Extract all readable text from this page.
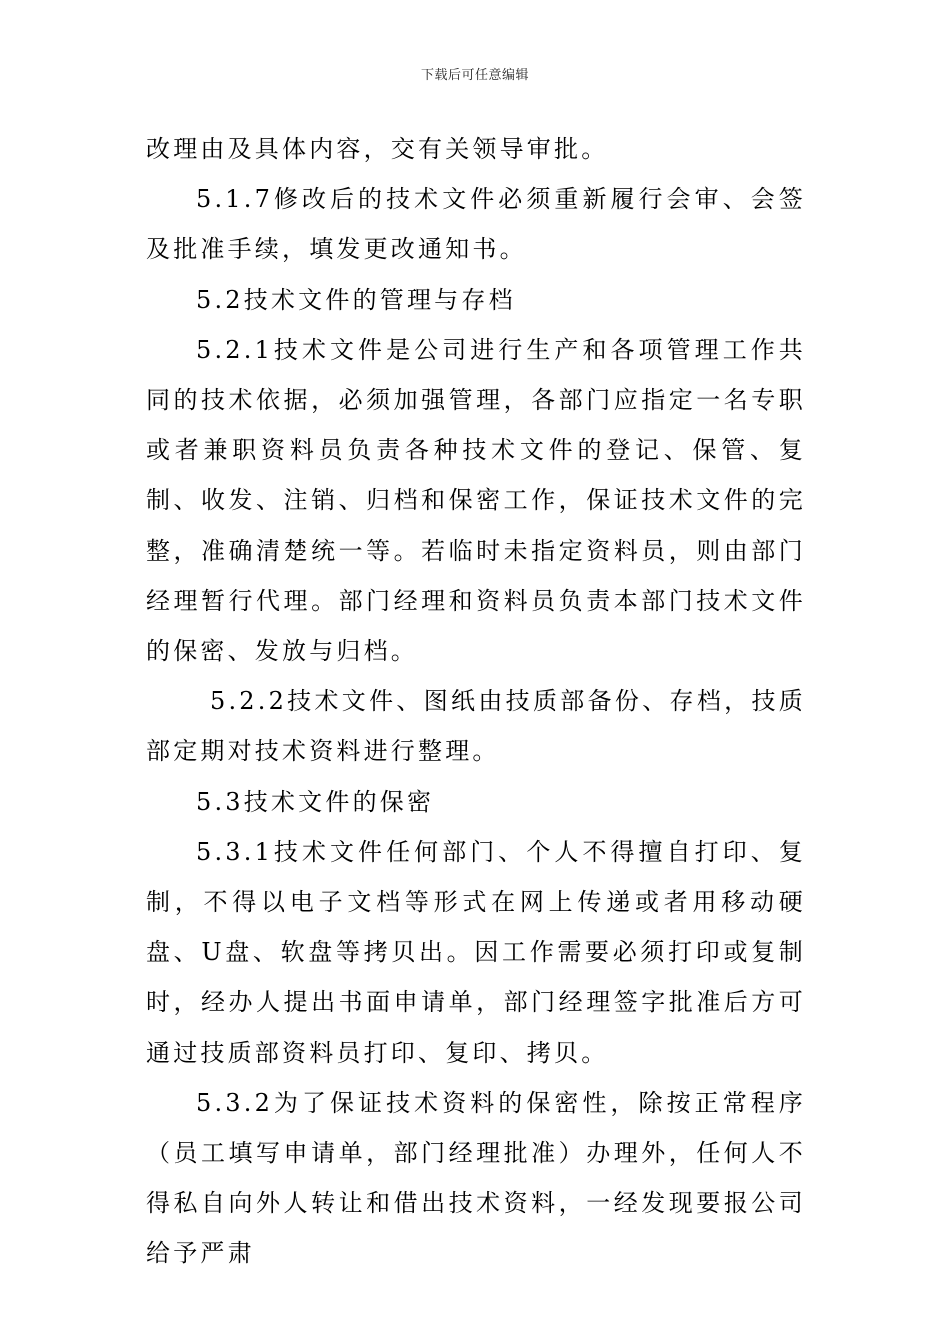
下载后可任意编辑

改理由及具体内容，交有关领导审批。

5.1.7修改后的技术文件必须重新履行会审、会签及批准手续，填发更改通知书。

5.2技术文件的管理与存档

5.2.1技术文件是公司进行生产和各项管理工作共同的技术依据，必须加强管理，各部门应指定一名专职或者兼职资料员负责各种技术文件的登记、保管、复制、收发、注销、归档和保密工作，保证技术文件的完整，准确清楚统一等。若临时未指定资料员，则由部门经理暂行代理。部门经理和资料员负责本部门技术文件的保密、发放与归档。

5.2.2技术文件、图纸由技质部备份、存档，技质部定期对技术资料进行整理。

5.3技术文件的保密

5.3.1技术文件任何部门、个人不得擅自打印、复制，不得以电子文档等形式在网上传递或者用移动硬盘、U盘、软盘等拷贝出。因工作需要必须打印或复制时，经办人提出书面申请单，部门经理签字批准后方可通过技质部资料员打印、复印、拷贝。

5.3.2为了保证技术资料的保密性，除按正常程序（员工填写申请单，部门经理批准）办理外，任何人不得私自向外人转让和借出技术资料，一经发现要报公司给予严肃
